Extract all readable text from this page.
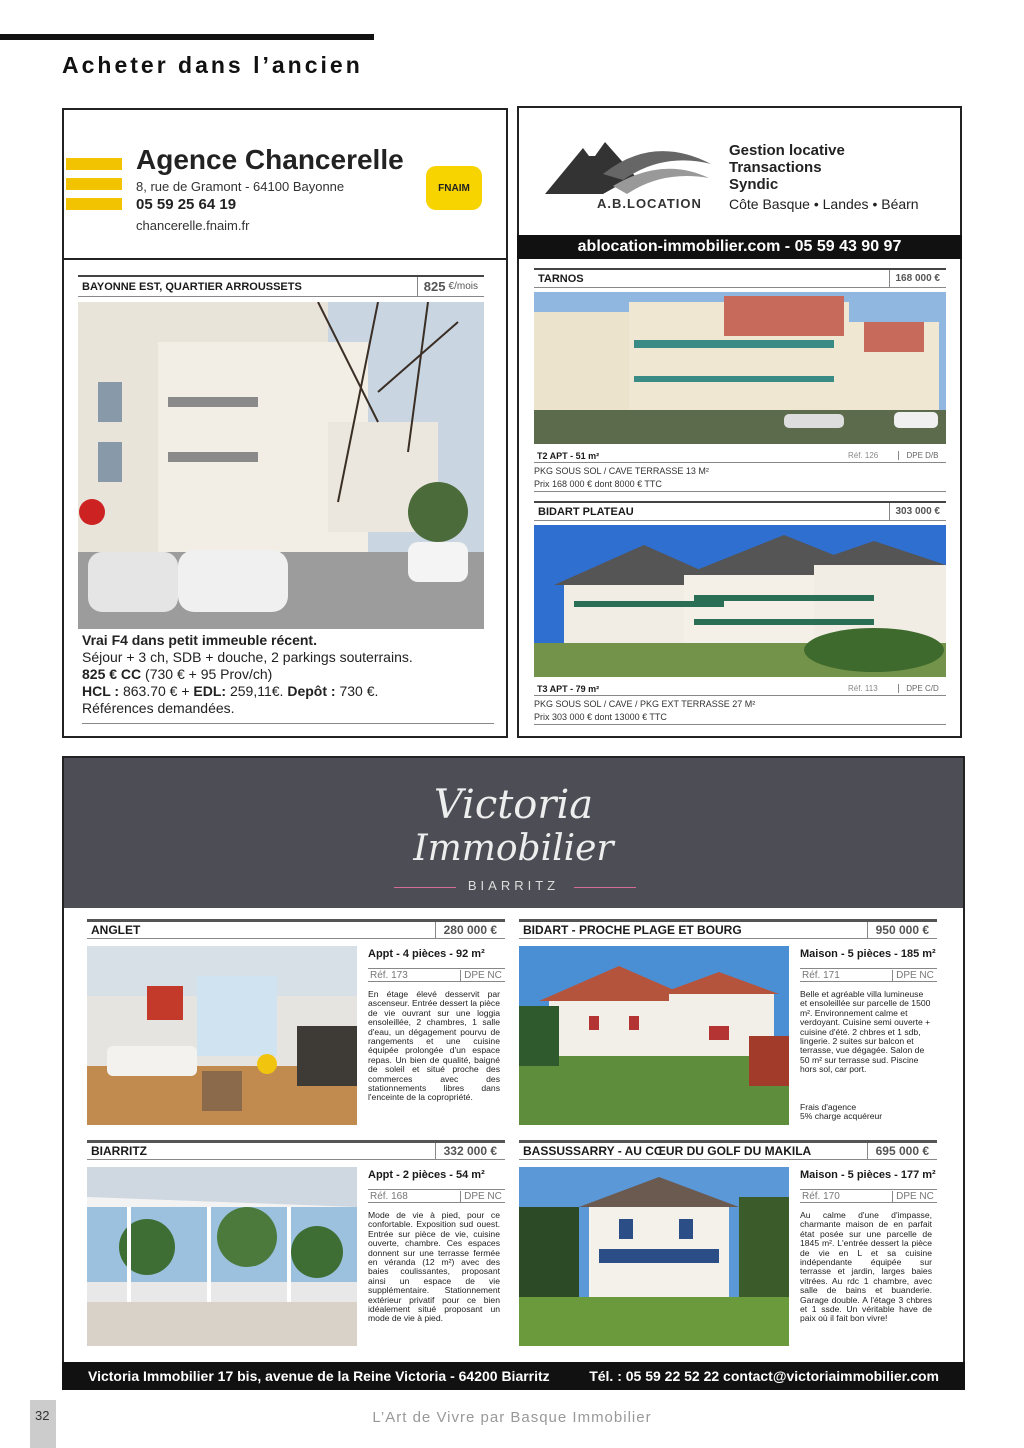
Acheter dans l’ancien
Agence Chancerelle
8, rue de Gramont - 64100 Bayonne
05 59 25 64 19
chancerelle.fnaim.fr
FNAIM
BAYONNE EST, QUARTIER ARROUSSETS	825
€/mois
Vrai F4 dans petit immeuble récent.
Séjour + 3 ch, SDB + douche, 2 parkings souterrains.
825 € CC (730 € + 95 Prov/ch)
HCL : 863.70 € + EDL: 259,11€. Depôt : 730 €.
Références demandées.
A.B.LOCATION
Gestion locative
Transactions
Syndic
Côte Basque • Landes • Béarn
ablocation-immobilier.com - 05 59 43 90 97
TARNOS	168 000 €
T2 APT - 51 m²	Réf. 126	DPE D/B
PKG SOUS SOL / CAVE TERRASSE 13 M²
Prix 168 000 € dont 8000 € TTC
BIDART PLATEAU	303 000 €
T3 APT - 79 m²	Réf. 113	DPE C/D
PKG SOUS SOL / CAVE / PKG EXT TERRASSE 27 M²
Prix 303 000 € dont 13000 € TTC
Victoria
Immobilier
BIARRITZ
ANGLET	280 000 €
Appt - 4 pièces - 92 m²
Réf. 173	DPE NC
En étage élevé desservit par ascenseur. Entrée dessert la pièce de vie ouvrant sur une loggia ensoleillée, 2 chambres, 1 salle d'eau, un dégagement pourvu de rangements et une cuisine équipée prolongée d'un espace repas. Un bien de qualité, baigné de soleil et situé proche des commerces avec des stationnements libres dans l'enceinte de la copropriété.
BIDART - PROCHE PLAGE ET BOURG	950 000 €
Maison - 5 pièces - 185 m²
Réf. 171	DPE NC
Belle et agréable villa lumineuse et ensoleillée sur parcelle de 1500 m². Environnement calme et verdoyant. Cuisine semi ouverte + cuisine d'été. 2 chbres et 1 sdb, lingerie. 2 suites sur balcon et terrasse, vue dégagée. Salon de 50 m² sur terrasse sud. Piscine hors sol, car port.
Frais d'agence
5% charge acquéreur
BIARRITZ	332 000 €
Appt - 2 pièces - 54 m²
Réf. 168	DPE NC
Mode de vie à pied, pour ce confortable. Exposition sud ouest. Entrée sur pièce de vie, cuisine ouverte, chambre. Ces espaces donnent sur une terrasse fermée en véranda (12 m²) avec des baies coulissantes, proposant ainsi un espace de vie supplémentaire. Stationnement extérieur privatif pour ce bien idéalement situé proposant un mode de vie à pied.
BASSUSSARRY - AU CŒUR DU GOLF DU MAKILA	695 000 €
Maison - 5 pièces - 177 m²
Réf. 170	DPE NC
Au calme d'une d'impasse, charmante maison de en parfait état posée sur une parcelle de 1845 m². L'entrée dessert la pièce de vie en L et sa cuisine indépendante équipée sur terrasse et jardin, larges baies vitrées. Au rdc 1 chambre, avec salle de bains et buanderie. Garage double. A l'étage 3 chbres et 1 ssde. Un véritable have de paix où il fait bon vivre!
Victoria Immobilier 17 bis, avenue de la Reine Victoria - 64200 Biarritz	Tél. : 05 59 22 52 22 contact@victoriaimmobilier.com
32	L’Art de Vivre par Basque Immobilier
